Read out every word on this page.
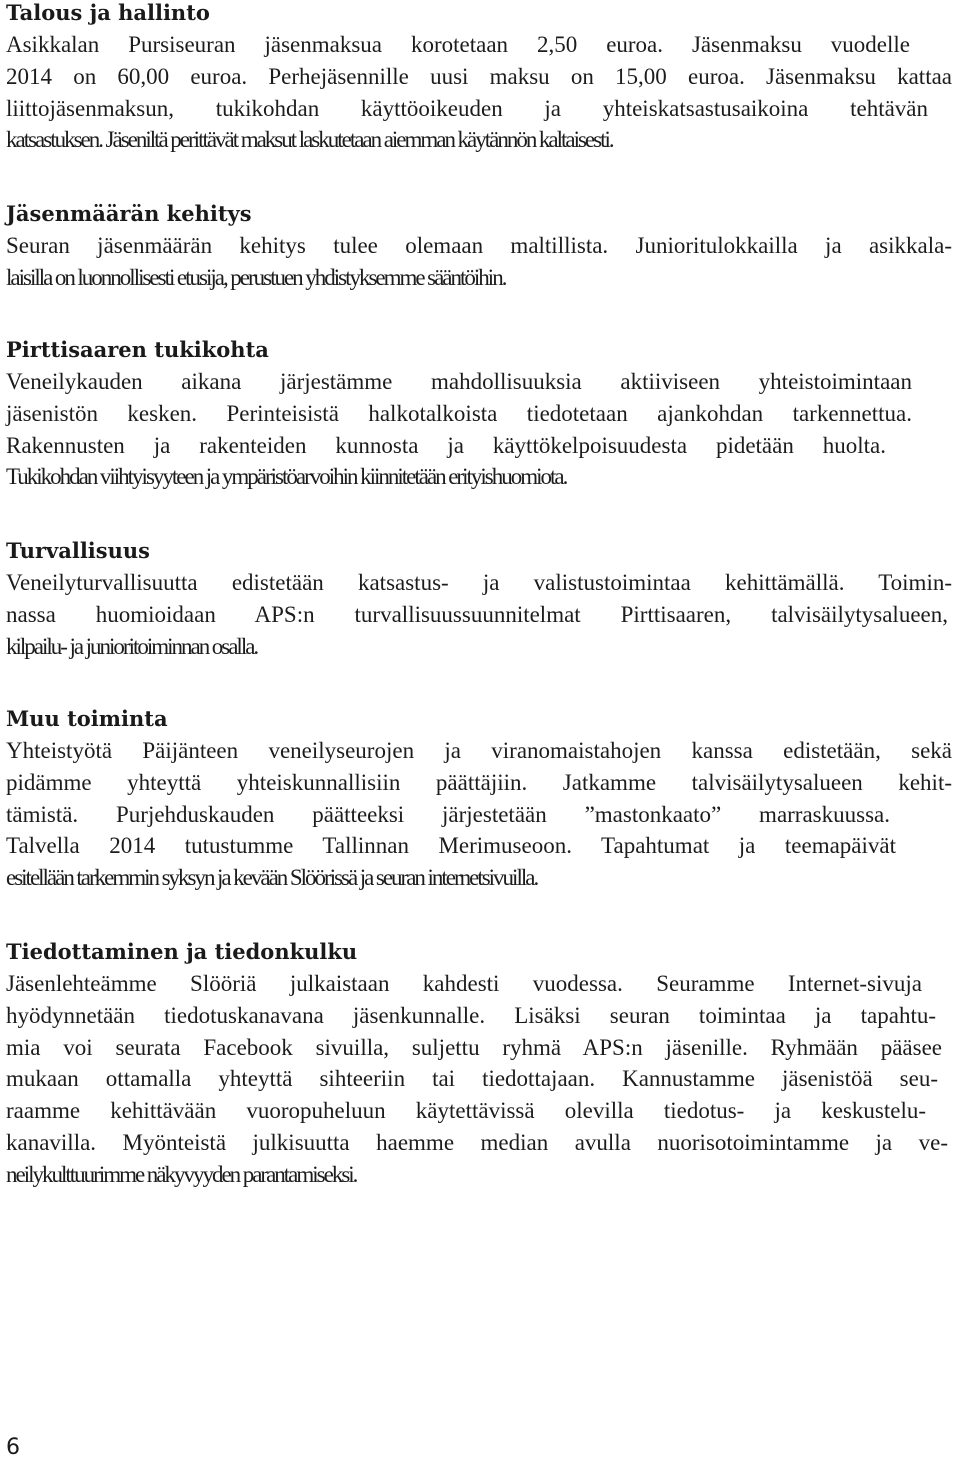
Talous ja hallinto
Asikkalan Pursiseuran jäsenmaksua korotetaan 2,50 euroa. Jäsenmaksu vuodelle
2014 on 60,00 euroa. Perhejäsennille uusi maksu on 15,00 euroa. Jäsenmaksu kattaa
liittojäsenmaksun, tukikohdan käyttöoikeuden ja yhteiskatsastusaikoina tehtävän
katsastuksen. Jäseniltä perittävät maksut laskutetaan aiemman käytännön kaltaisesti.
Jäsenmäärän kehitys
Seuran jäsenmäärän kehitys tulee olemaan maltillista. Junioritulokkailla ja asikkala-
laisilla on luonnollisesti etusija, perustuen yhdistyksemme sääntöihin.
Pirttisaaren tukikohta
Veneilykauden aikana järjestämme mahdollisuuksia aktiiviseen yhteistoimintaan
jäsenistön kesken. Perinteisistä halkotalkoista tiedotetaan ajankohdan tarkennettua.
Rakennusten ja rakenteiden kunnosta ja käyttökelpoisuudesta pidetään huolta.
Tukikohdan viihtyisyyteen ja ympäristöarvoihin kiinnitetään erityishuomiota.
Turvallisuus
Veneilyturvallisuutta edistetään katsastus- ja valistustoimintaa kehittämällä. Toimin-
nassa huomioidaan APS:n turvallisuussuunnitelmat Pirttisaaren, talvisäilytysalueen,
kilpailu- ja junioritoiminnan osalla.
Muu toiminta
Yhteistyötä Päijänteen veneilyseurojen ja viranomaistahojen kanssa edistetään, sekä
pidämme yhteyttä yhteiskunnallisiin päättäjiin. Jatkamme talvisäilytysalueen kehit-
tämistä. Purjehduskauden päätteeksi järjestetään ”mastonkaato” marraskuussa.
Talvella 2014 tutustumme Tallinnan Merimuseoon. Tapahtumat ja teemapäivät
esitellään tarkemmin syksyn ja kevään Slöörissä ja seuran internetsivuilla.
Tiedottaminen ja tiedonkulku
Jäsenlehteämme Slööriä julkaistaan kahdesti vuodessa. Seuramme Internet-sivuja
hyödynnetään tiedotuskanavana jäsenkunnalle. Lisäksi seuran toimintaa ja tapahtu-
mia voi seurata Facebook sivuilla, suljettu ryhmä APS:n jäsenille. Ryhmään pääsee
mukaan ottamalla yhteyttä sihteeriin tai tiedottajaan. Kannustamme jäsenistöä seu-
raamme kehittävään vuoropuheluun käytettävissä olevilla tiedotus- ja keskustelu-
kanavilla. Myönteistä julkisuutta haemme median avulla nuorisotoimintamme ja ve-
neilykulttuurimme näkyvyyden parantamiseksi.
6
